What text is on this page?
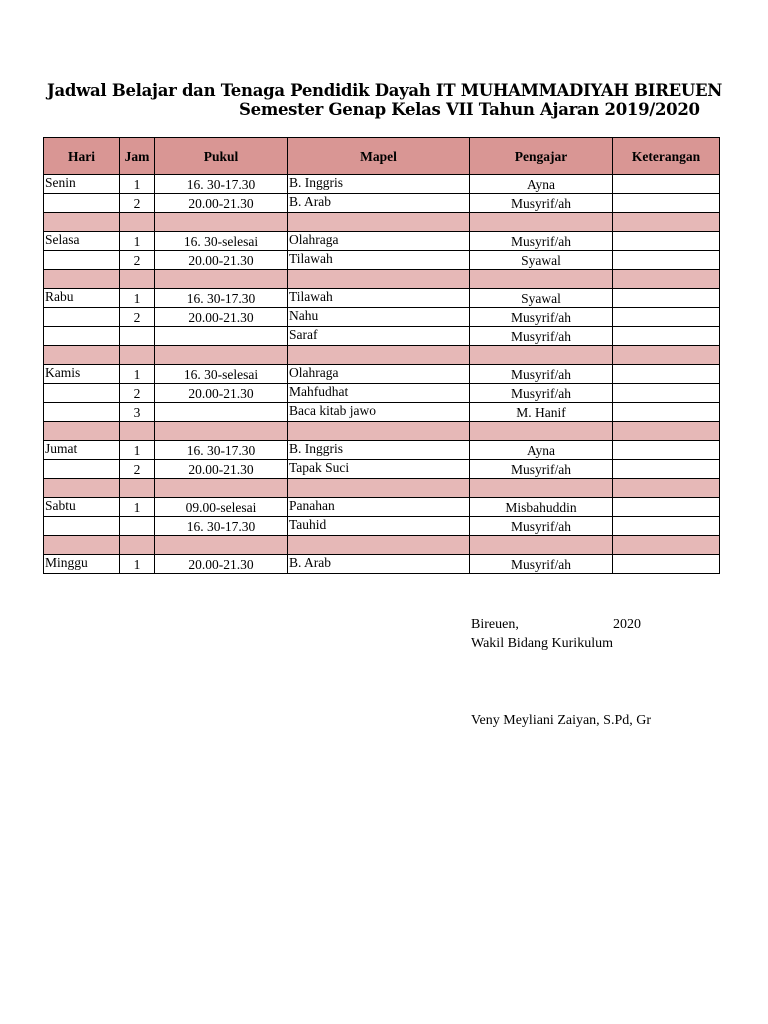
Jadwal Belajar dan Tenaga Pendidik Dayah IT MUHAMMADIYAH BIREUEN
Semester Genap Kelas VII Tahun Ajaran 2019/2020
Hari	Jam	Pukul	Mapel	Pengajar	Keterangan
Senin	1	16. 30-17.30	B. Inggris	Ayna	
	2	20.00-21.30	B. Arab	Musyrif/ah	

Selasa	1	16. 30-selesai	Olahraga	Musyrif/ah	
	2	20.00-21.30	Tilawah	Syawal	

Rabu	1	16. 30-17.30	Tilawah	Syawal	
	2	20.00-21.30	Nahu	Musyrif/ah	
			Saraf	Musyrif/ah	

Kamis	1	16. 30-selesai	Olahraga	Musyrif/ah	
	2	20.00-21.30	Mahfudhat	Musyrif/ah	
	3		Baca kitab jawo	M. Hanif	

Jumat	1	16. 30-17.30	B. Inggris	Ayna	
	2	20.00-21.30	Tapak Suci	Musyrif/ah	

Sabtu	1	09.00-selesai	Panahan	Misbahuddin	
		16. 30-17.30	Tauhid	Musyrif/ah	

Minggu	1	20.00-21.30	B. Arab	Musyrif/ah	
Bireuen,	2020
Wakil Bidang Kurikulum
Veny Meyliani Zaiyan, S.Pd, Gr
